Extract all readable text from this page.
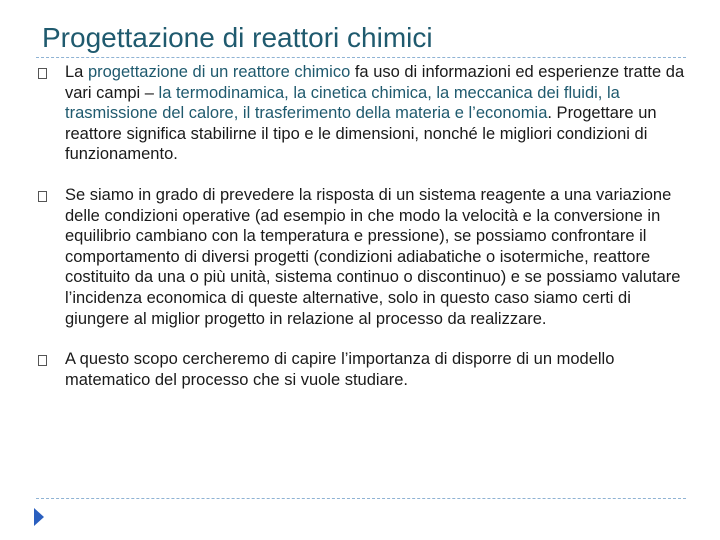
Progettazione di reattori chimici
La progettazione di un reattore chimico fa uso di informazioni ed esperienze tratte da vari campi – la termodinamica, la cinetica chimica, la meccanica dei fluidi, la trasmissione del calore, il trasferimento della materia e l’economia. Progettare un reattore significa stabilirne il tipo e le dimensioni, nonché le migliori condizioni di funzionamento.
Se siamo in grado di prevedere la risposta di un sistema reagente a una variazione delle condizioni operative (ad esempio in che modo la velocità e la conversione in equilibrio cambiano con la temperatura e pressione), se possiamo confrontare il comportamento di diversi progetti (condizioni adiabatiche o isotermiche, reattore costituito da una o più unità, sistema continuo o discontinuo) e se possiamo valutare l’incidenza economica di queste alternative, solo in questo caso siamo certi di giungere al miglior progetto in relazione al processo da realizzare.
A questo scopo cercheremo di capire l’importanza di disporre di un modello matematico del processo che si vuole studiare.
